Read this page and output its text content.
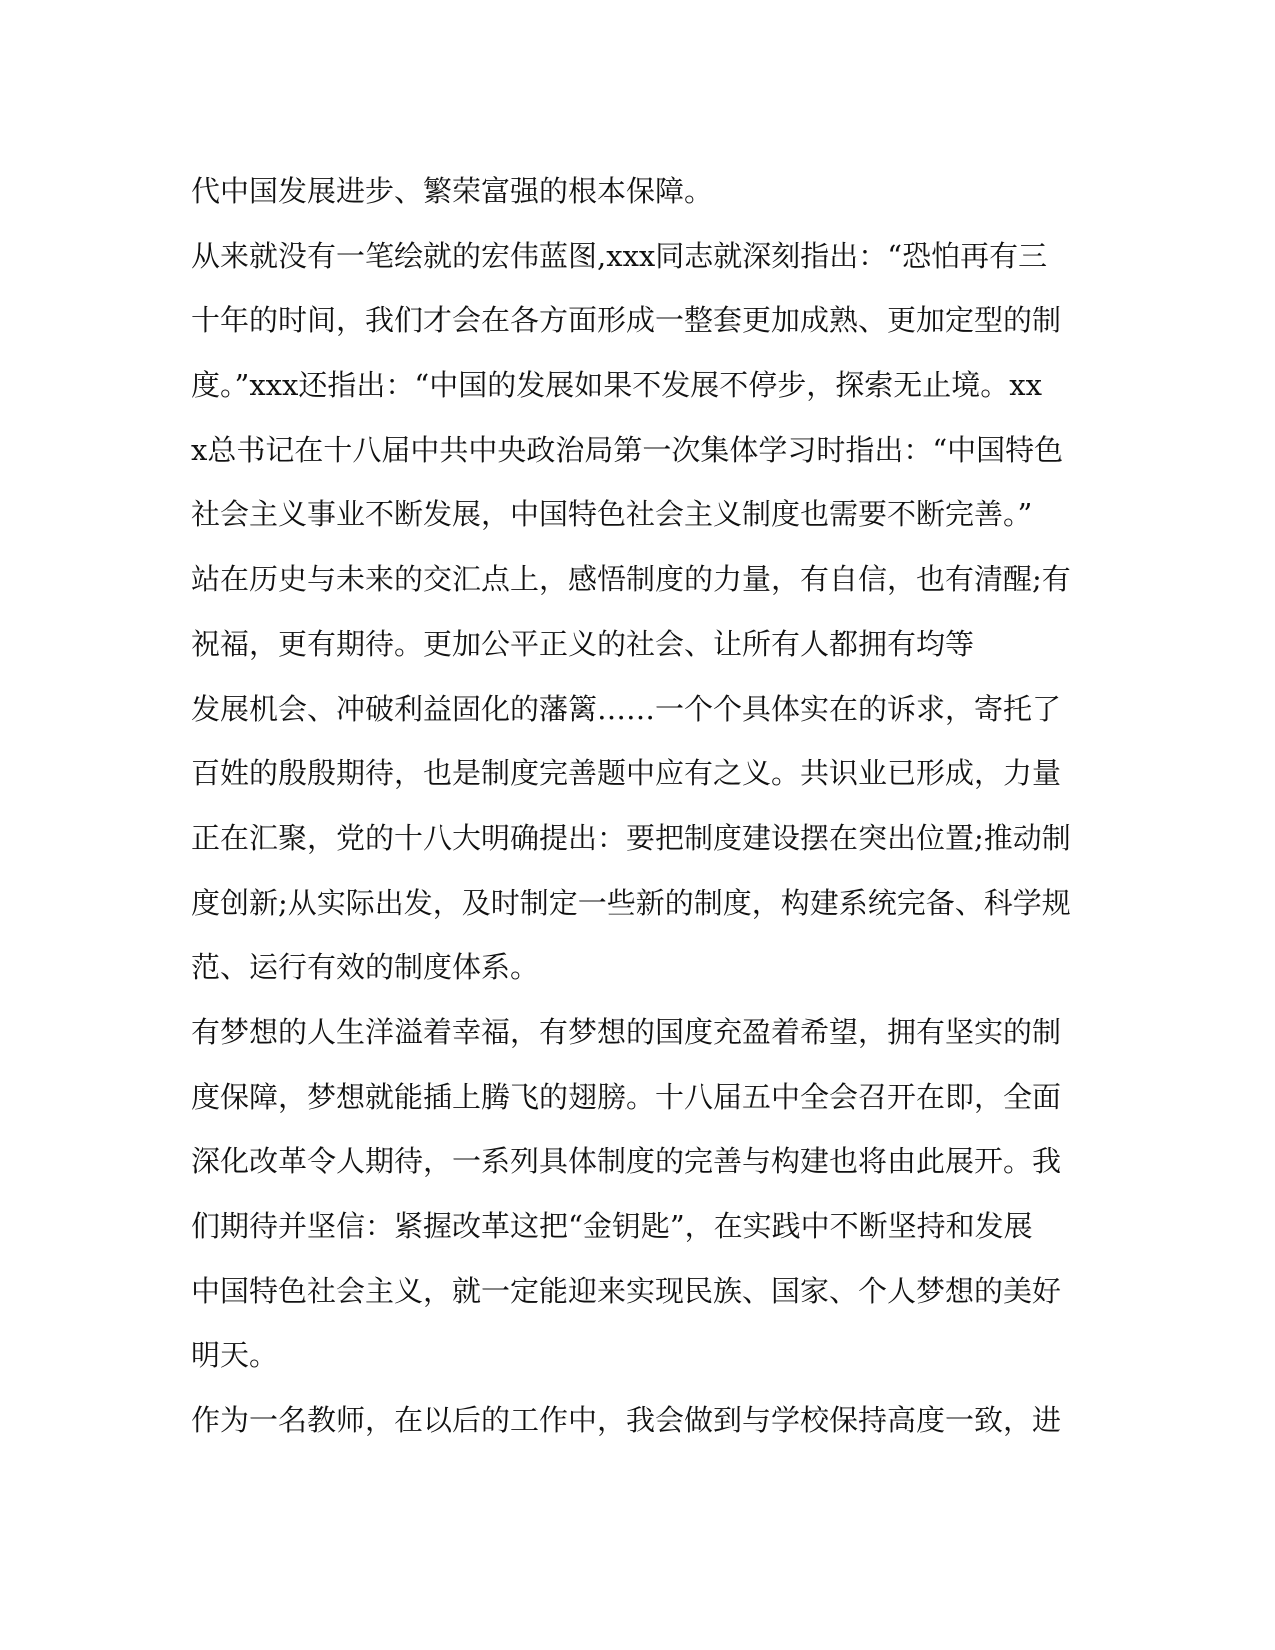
代中国发展进步、繁荣富强的根本保障。
从来就没有一笔绘就的宏伟蓝图,xxx同志就深刻指出：“恐怕再有三
十年的时间，我们才会在各方面形成一整套更加成熟、更加定型的制
度。”xxx还指出：“中国的发展如果不发展不停步，探索无止境。xx
x总书记在十八届中共中央政治局第一次集体学习时指出：“中国特色
社会主义事业不断发展，中国特色社会主义制度也需要不断完善。”
站在历史与未来的交汇点上，感悟制度的力量，有自信，也有清醒;有
祝福，更有期待。更加公平正义的社会、让所有人都拥有均等
发展机会、冲破利益固化的藩篱……一个个具体实在的诉求，寄托了
百姓的殷殷期待，也是制度完善题中应有之义。共识业已形成，力量
正在汇聚，党的十八大明确提出：要把制度建设摆在突出位置;推动制
度创新;从实际出发，及时制定一些新的制度，构建系统完备、科学规
范、运行有效的制度体系。
有梦想的人生洋溢着幸福，有梦想的国度充盈着希望，拥有坚实的制
度保障，梦想就能插上腾飞的翅膀。十八届五中全会召开在即，全面
深化改革令人期待，一系列具体制度的完善与构建也将由此展开。我
们期待并坚信：紧握改革这把“金钥匙”，在实践中不断坚持和发展
中国特色社会主义，就一定能迎来实现民族、国家、个人梦想的美好
明天。
作为一名教师，在以后的工作中，我会做到与学校保持高度一致，进
